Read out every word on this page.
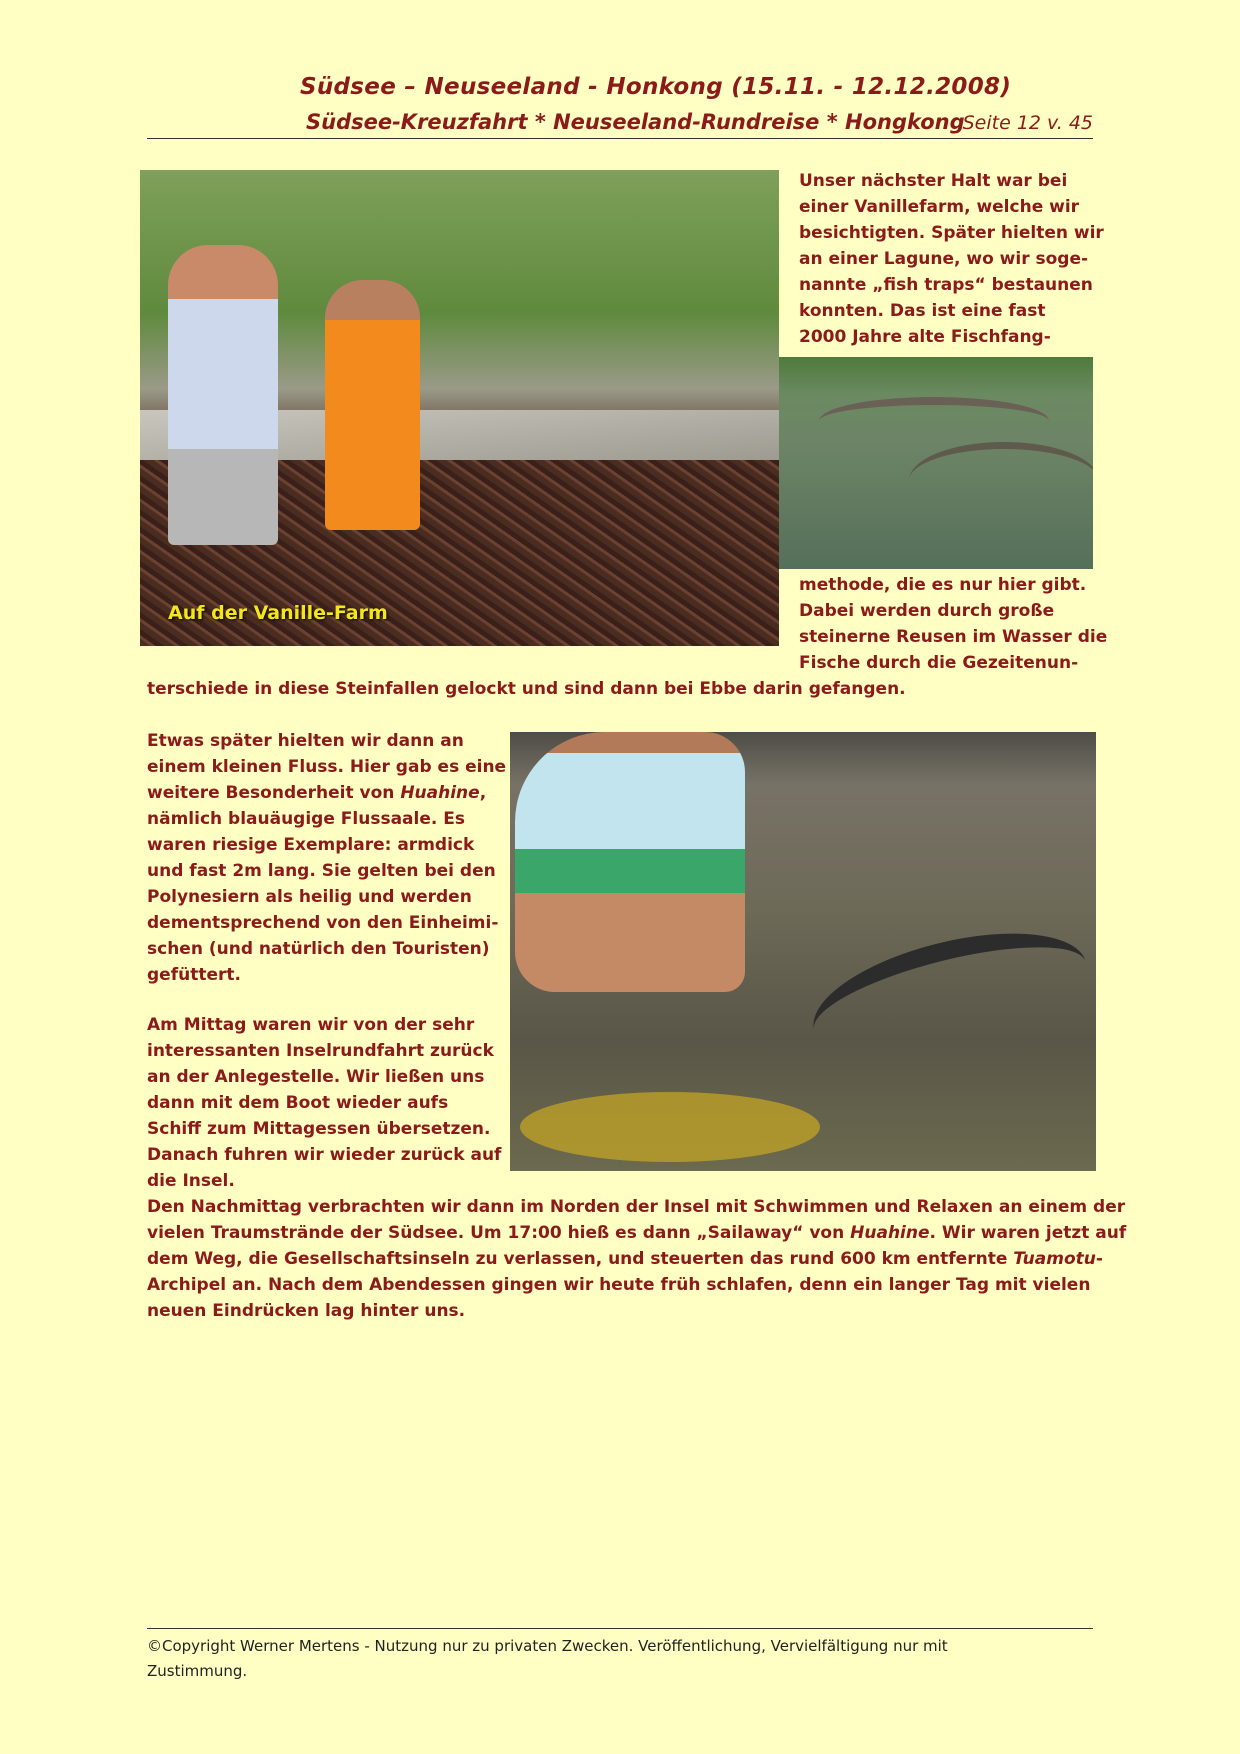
Südsee – Neuseeland - Honkong (15.11. - 12.12.2008)
Südsee-Kreuzfahrt * Neuseeland-Rundreise * Hongkong
Seite 12 v. 45
Auf der Vanille-Farm
Unser nächster Halt war bei
einer Vanillefarm, welche wir
besichtigten. Später hielten wir
an einer Lagune, wo wir soge-
nannte „fish traps“ bestaunen
konnten. Das ist eine fast
2000 Jahre alte Fischfang-
methode, die es nur hier gibt.
Dabei werden durch große
steinerne Reusen im Wasser die
Fische durch die Gezeitenun-
terschiede in diese Steinfallen gelockt und sind dann bei Ebbe darin gefangen.
Etwas später hielten wir dann an
einem kleinen Fluss. Hier gab es eine
weitere Besonderheit von Huahine,
nämlich blauäugige Flussaale. Es
waren riesige Exemplare: armdick
und fast 2m lang. Sie gelten bei den
Polynesiern als heilig und werden
dementsprechend von den Einheimi-
schen (und natürlich den Touristen)
gefüttert.
Am Mittag waren wir von der sehr
interessanten Inselrundfahrt zurück
an der Anlegestelle. Wir ließen uns
dann mit dem Boot wieder aufs
Schiff zum Mittagessen übersetzen.
Danach fuhren wir wieder zurück auf
die Insel.
Den Nachmittag verbrachten wir dann im Norden der Insel mit Schwimmen und Relaxen an einem der
vielen Traumstrände der Südsee. Um 17:00 hieß es dann „Sailaway“ von Huahine. Wir waren jetzt auf
dem Weg, die Gesellschaftsinseln zu verlassen, und steuerten das rund 600 km entfernte Tuamotu-
Archipel an. Nach dem Abendessen gingen wir heute früh schlafen, denn ein langer Tag mit vielen
neuen Eindrücken lag hinter uns.
©Copyright Werner Mertens - Nutzung nur zu privaten Zwecken. Veröffentlichung, Vervielfältigung nur mit
Zustimmung.
